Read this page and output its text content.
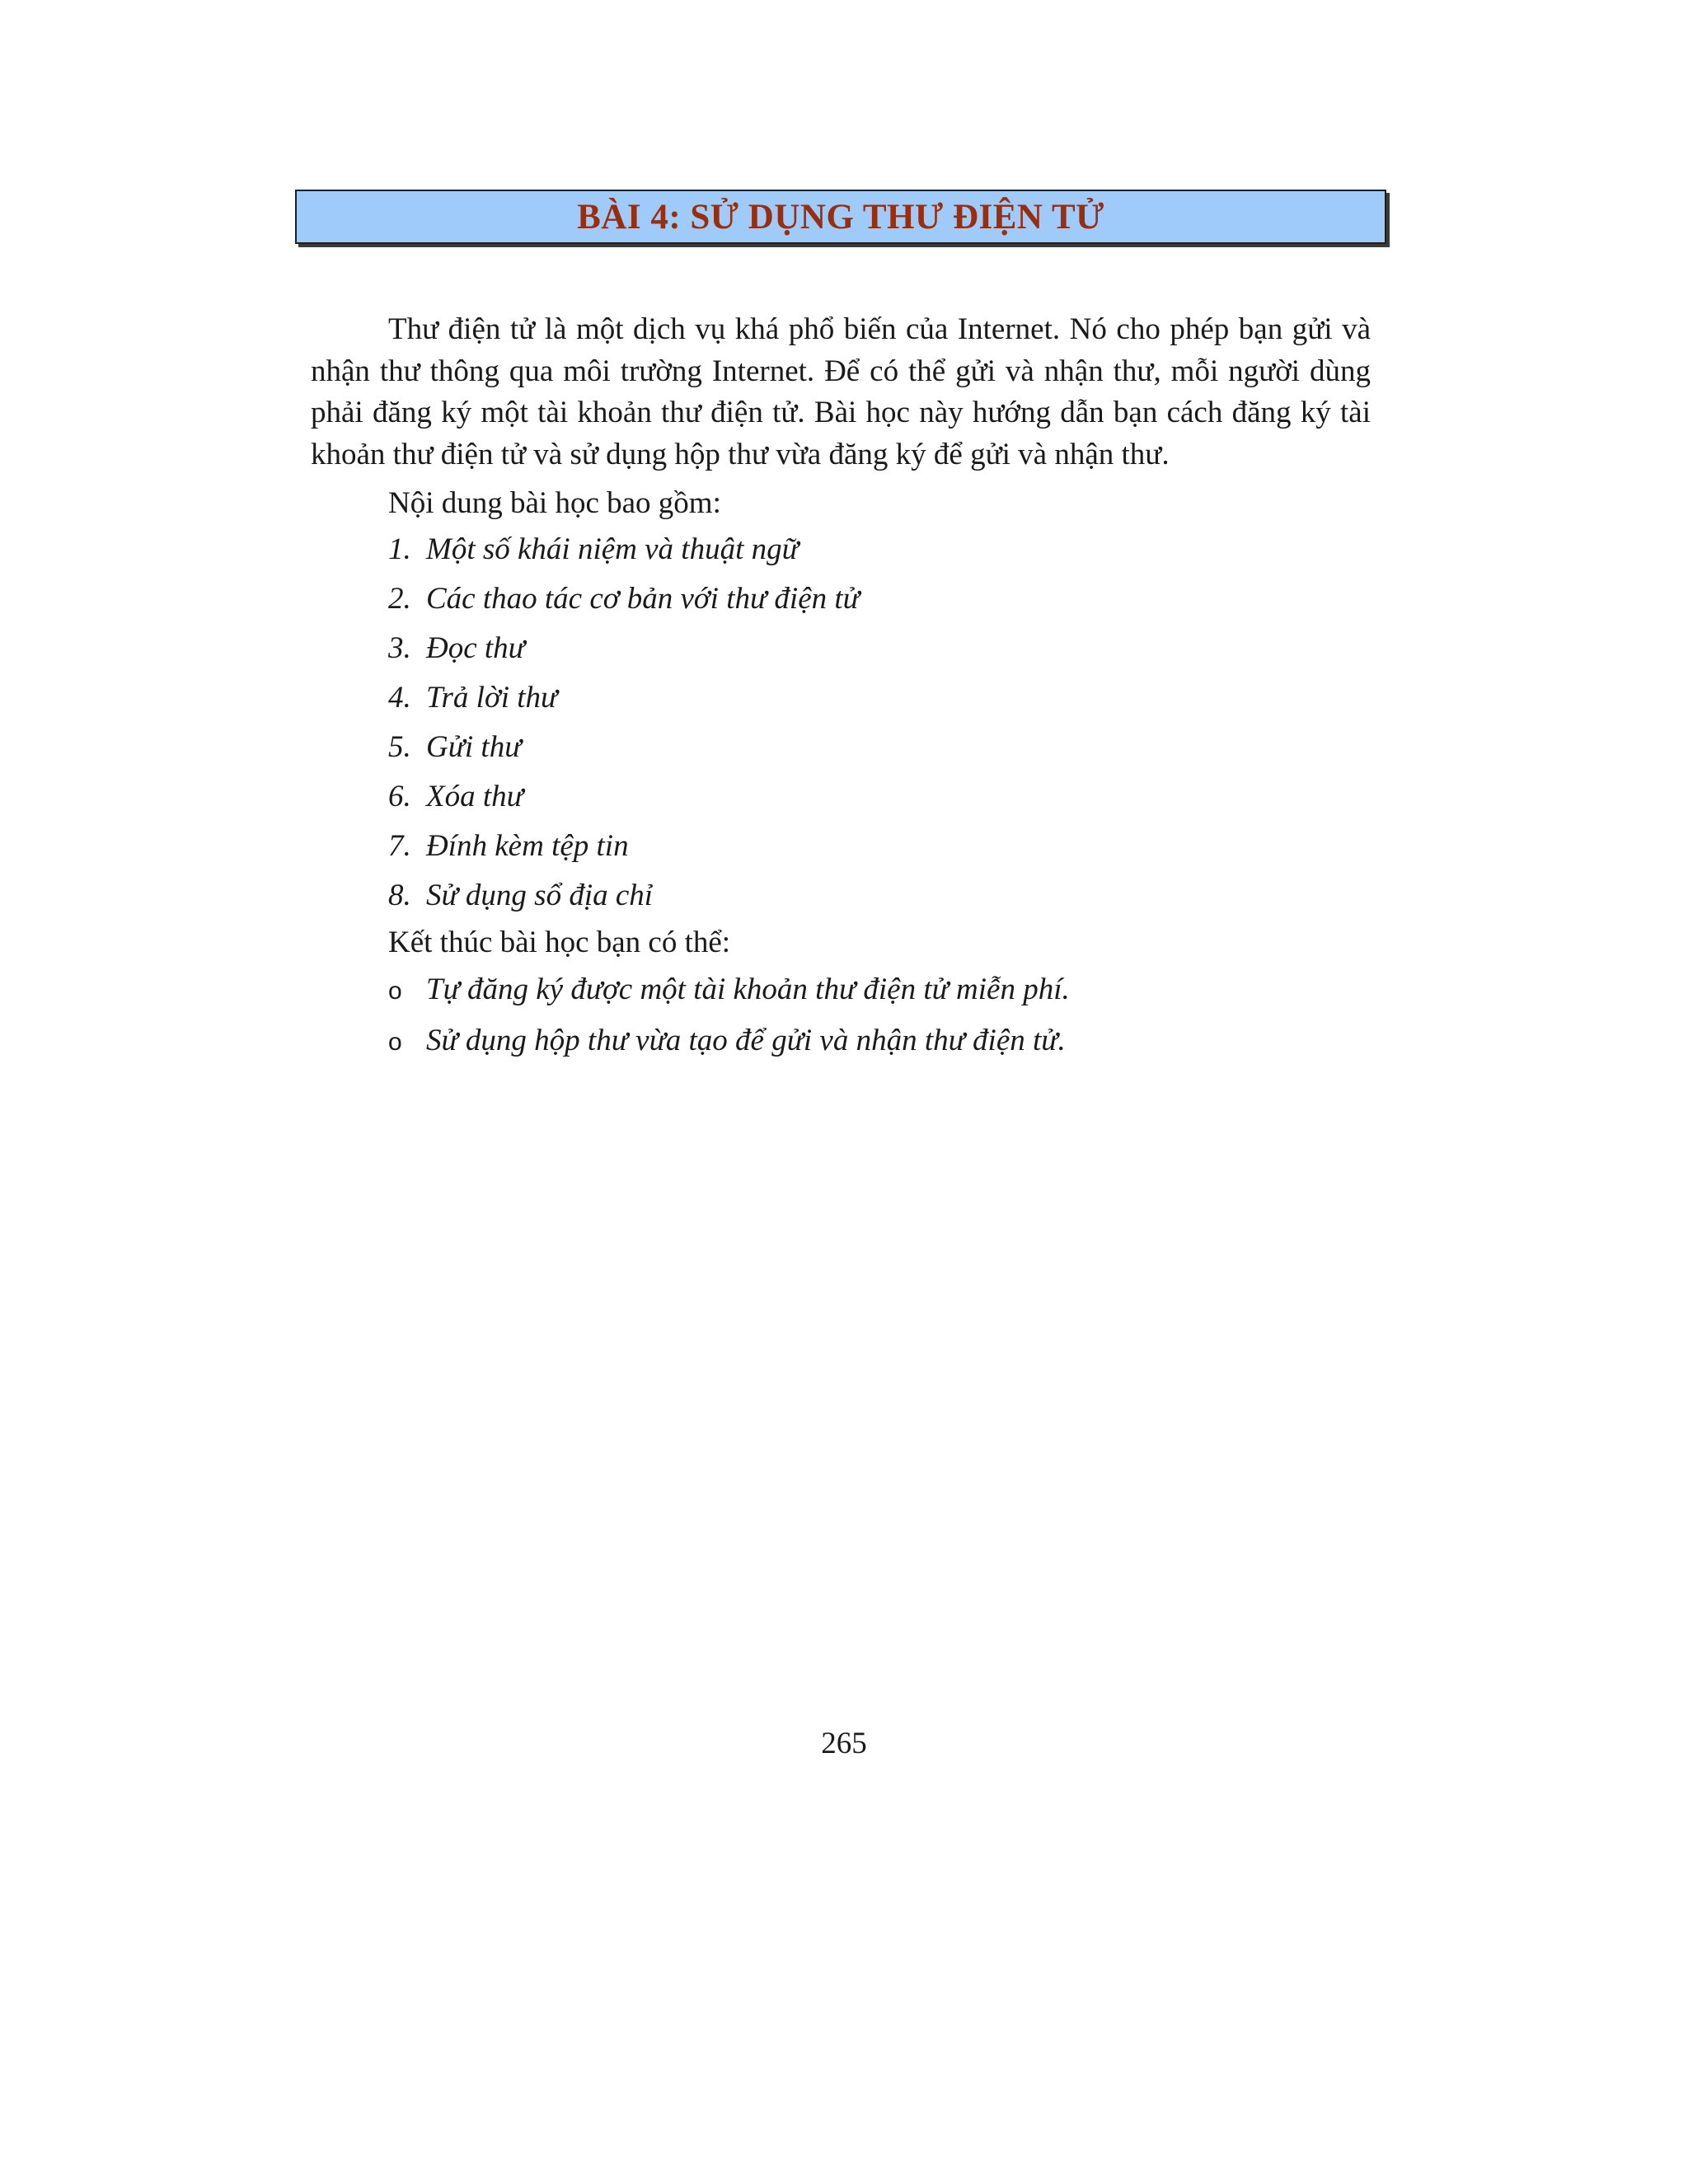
BÀI 4: SỬ DỤNG THƯ ĐIỆN TỬ

Thư điện tử là một dịch vụ khá phổ biến của Internet. Nó cho phép bạn gửi và nhận thư thông qua môi trường Internet. Để có thể gửi và nhận thư, mỗi người dùng phải đăng ký một tài khoản thư điện tử. Bài học này hướng dẫn bạn cách đăng ký tài khoản thư điện tử và sử dụng hộp thư vừa đăng ký để gửi và nhận thư.

Nội dung bài học bao gồm:

1. Một số khái niệm và thuật ngữ
2. Các thao tác cơ bản với thư điện tử
3. Đọc thư
4. Trả lời thư
5. Gửi thư
6. Xóa thư
7. Đính kèm tệp tin
8. Sử dụng sổ địa chỉ

Kết thúc bài học bạn có thể:

o Tự đăng ký được một tài khoản thư điện tử miễn phí.
o Sử dụng hộp thư vừa tạo để gửi và nhận thư điện tử.
265
